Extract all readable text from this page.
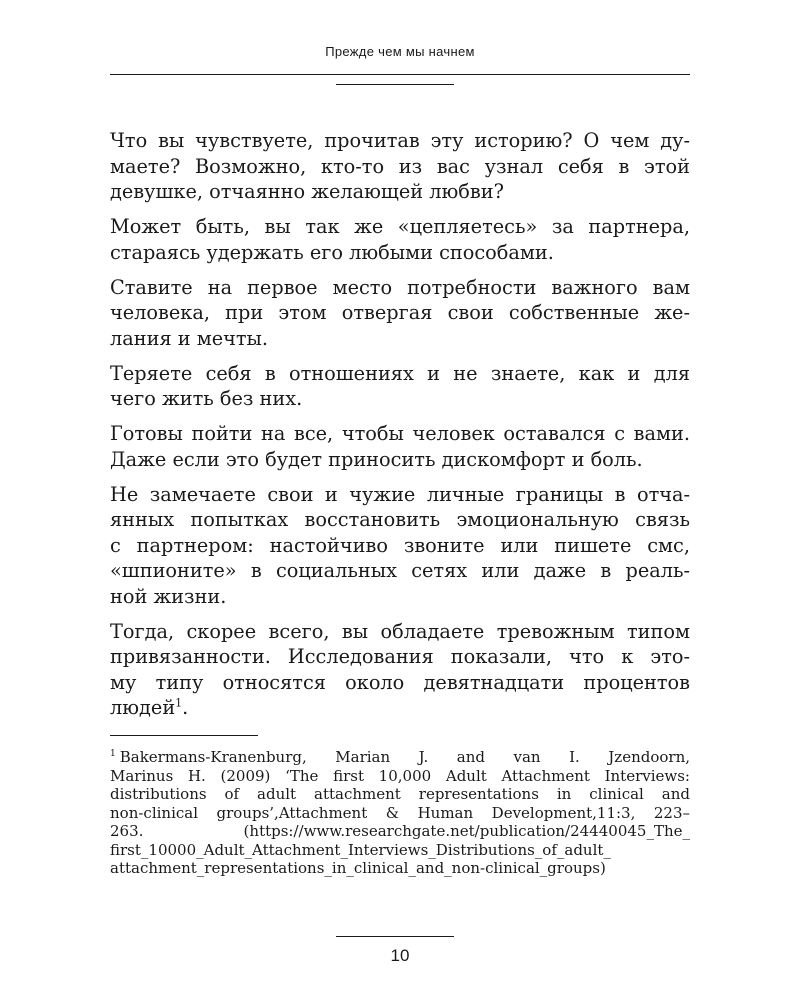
Прежде чем мы начнем

Что вы чувствуете, прочитав эту историю? О чем ду-
маете? Возможно, кто-то из вас узнал себя в этой
девушке, отчаянно желающей любви?

Может быть, вы так же «цепляетесь» за партнера,
стараясь удержать его любыми способами.

Ставите на первое место потребности важного вам
человека, при этом отвергая свои собственные же-
лания и мечты.

Теряете себя в отношениях и не знаете, как и для
чего жить без них.

Готовы пойти на все, чтобы человек оставался с вами.
Даже если это будет приносить дискомфорт и боль.

Не замечаете свои и чужие личные границы в отча-
янных попытках восстановить эмоциональную связь
с партнером: настойчиво звоните или пишете смс,
«шпионите» в социальных сетях или даже в реаль-
ной жизни.

Тогда, скорее всего, вы обладаете тревожным типом
привязанности. Исследования показали, что к это-
му типу относятся около девятнадцати процентов
людей$^1$.

$^1$ Bakermans-Kranenburg, Marian J. and van I. Jzendoorn,
Marinus H. (2009) ‘The first 10,000 Adult Attachment Interviews:
distributions of adult attachment representations in clinical and
non-clinical groups’,Attachment & Human Development,11:3, 223–
263. (https://www.researchgate.net/publication/24440045_The_
first_10000_Adult_Attachment_Interviews_Distributions_of_adult_
attachment_representations_in_clinical_and_non-clinical_groups)
10
